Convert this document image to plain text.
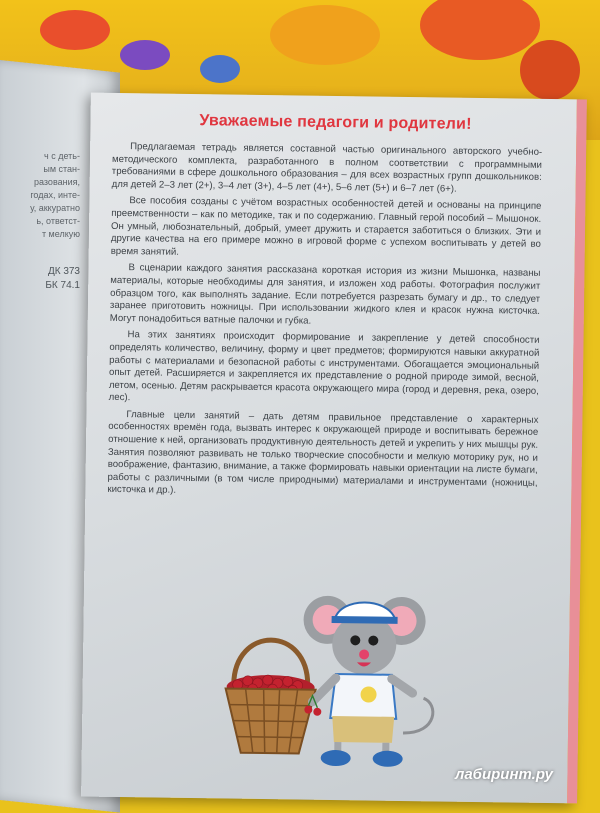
ч с деть-
ым стан-
разования,
годах, инте-
у, аккуратно
ь, ответст-
т мелкую
ДК 373
БК 74.1
Уважаемые педагоги и родители!

Предлагаемая тетрадь является составной частью оригинального авторского учебно-методического комплекта, разработанного в полном соответствии с программными требованиями в сфере дошкольного образования – для всех возрастных групп дошкольников: для детей 2–3 лет (2+), 3–4 лет (3+), 4–5 лет (4+), 5–6 лет (5+) и 6–7 лет (6+).

Все пособия созданы с учётом возрастных особенностей детей и основаны на принципе преемственности – как по методике, так и по содержанию. Главный герой пособий – Мышонок. Он умный, любознательный, добрый, умеет дружить и старается заботиться о близких. Эти и другие качества на его примере можно в игровой форме с успехом воспитывать у детей во время занятий.

В сценарии каждого занятия рассказана короткая история из жизни Мышонка, названы материалы, которые необходимы для занятия, и изложен ход работы. Фотография послужит образцом того, как выполнять задание. Если потребуется разрезать бумагу и др., то следует заранее приготовить ножницы. При использовании жидкого клея и красок нужна кисточка. Могут понадобиться ватные палочки и губка.

На этих занятиях происходит формирование и закрепление у детей способности определять количество, величину, форму и цвет предметов; формируются навыки аккуратной работы с материалами и безопасной работы с инструментами. Обогащается эмоциональный опыт детей. Расширяется и закрепляется их представление о родной природе зимой, весной, летом, осенью. Детям раскрывается красота окружающего мира (город и деревня, река, озеро, лес).

Главные цели занятий – дать детям правильное представление о характерных особенностях времён года, вызвать интерес к окружающей природе и воспитывать бережное отношение к ней, организовать продуктивную деятельность детей и укрепить у них мышцы рук. Занятия позволяют развивать не только творческие способности и мелкую моторику рук, но и воображение, фантазию, внимание, а также формировать навыки ориентации на листе бумаги, работы с различными (в том числе природными) материалами и инструментами (ножницы, кисточка и др.).

лабиринт.ру
